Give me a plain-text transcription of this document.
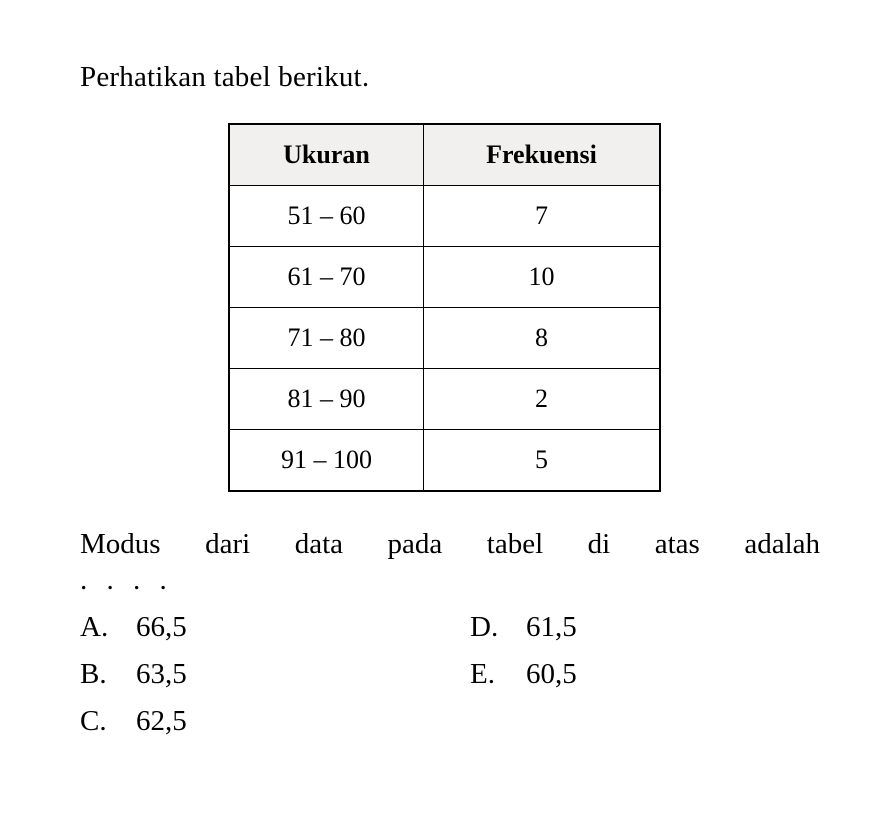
Perhatikan tabel berikut.

Ukuran	Frekuensi
51 – 60	7
61 – 70	10
71 – 80	8
81 – 90	2
91 – 100	5

Modus dari data pada tabel di atas adalah

. . . .

A. 66,5	D. 61,5
B.	63,5	E.	60,5
C.	62,5
